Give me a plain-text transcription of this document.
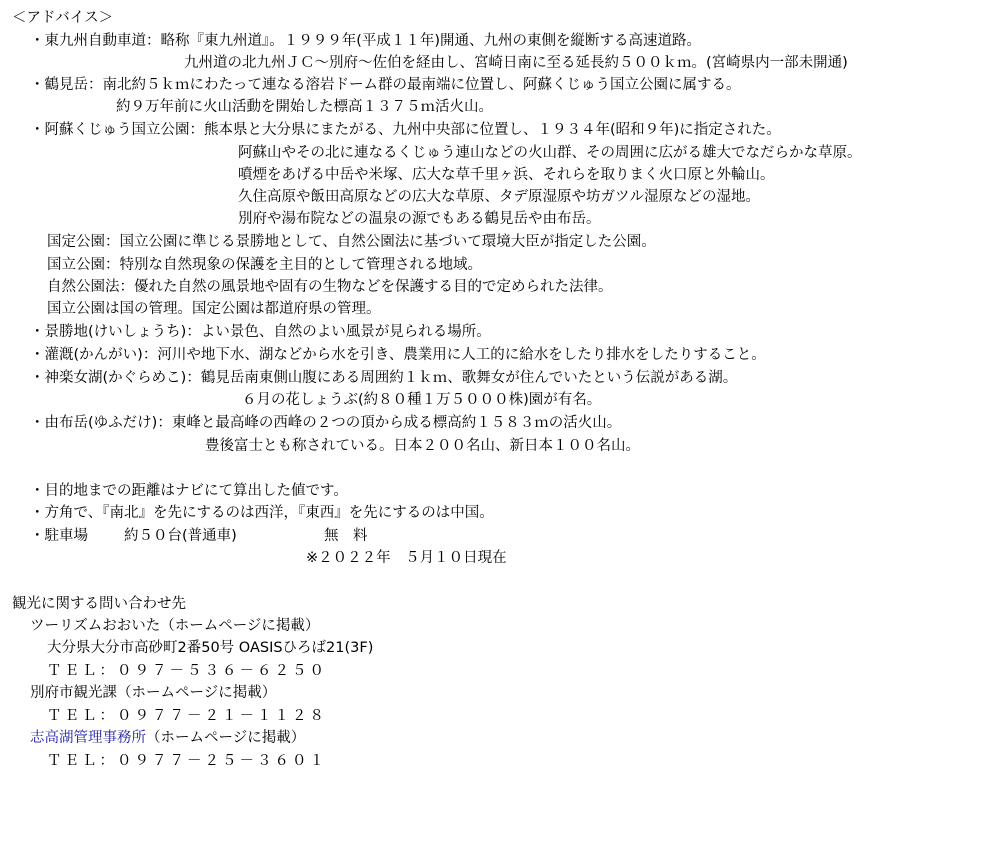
＜アドバイス＞
・東九州自動車道：略称『東九州道』。１９９９年(平成１１年)開通、九州の東側を縦断する高速道路。
九州道の北九州ＪＣ～別府～佐伯を経由し、宮崎日南に至る延長約５００ｋｍ。(宮崎県内一部未開通)
・鶴見岳：南北約５ｋｍにわたって連なる溶岩ドーム群の最南端に位置し、阿蘇くじゅう国立公園に属する。
約９万年前に火山活動を開始した標高１３７５ｍ活火山。
・阿蘇くじゅう国立公園：熊本県と大分県にまたがる、九州中央部に位置し、１９３４年(昭和９年)に指定された。
阿蘇山やその北に連なるくじゅう連山などの火山群、その周囲に広がる雄大でなだらかな草原。
噴煙をあげる中岳や米塚、広大な草千里ヶ浜、それらを取りまく火口原と外輪山。
久住高原や飯田高原などの広大な草原、タデ原湿原や坊ガツル湿原などの湿地。
別府や湯布院などの温泉の源でもある鶴見岳や由布岳。
国定公園：国立公園に準じる景勝地として、自然公園法に基づいて環境大臣が指定した公園。
国立公園：特別な自然現象の保護を主目的として管理される地域。
自然公園法：優れた自然の風景地や固有の生物などを保護する目的で定められた法律。
国立公園は国の管理。国定公園は都道府県の管理。
・景勝地(けいしょうち)：よい景色、自然のよい風景が見られる場所。
・灌漑(かんがい)：河川や地下水、湖などから水を引き、農業用に人工的に給水をしたり排水をしたりすること。
・神楽女湖(かぐらめこ)：鶴見岳南東側山腹にある周囲約１ｋｍ、歌舞女が住んでいたという伝説がある湖。
６月の花しょうぶ(約８０種１万５０００株)園が有名。
・由布岳(ゆふだけ)：東峰と最高峰の西峰の２つの頂から成る標高約１５８３ｍの活火山。
豊後富士とも称されている。日本２００名山、新日本１００名山。
・目的地までの距離はナビにて算出した値です。
・方角で、『南北』を先にするのは西洋，『東西』を先にするのは中国。
・駐車場 約５０台(普通車)	無　料
※２０２２年　５月１０日現在
観光に関する問い合わせ先
ツーリズムおおいた（ホームページに掲載）
大分県大分市高砂町2番50号 OASISひろば21(3F)
ＴＥＬ：０９７－５３６－６２５０
別府市観光課（ホームページに掲載）
ＴＥＬ：０９７７－２１－１１２８
志高湖管理事務所（ホームページに掲載）
ＴＥＬ：０９７７－２５－３６０１
